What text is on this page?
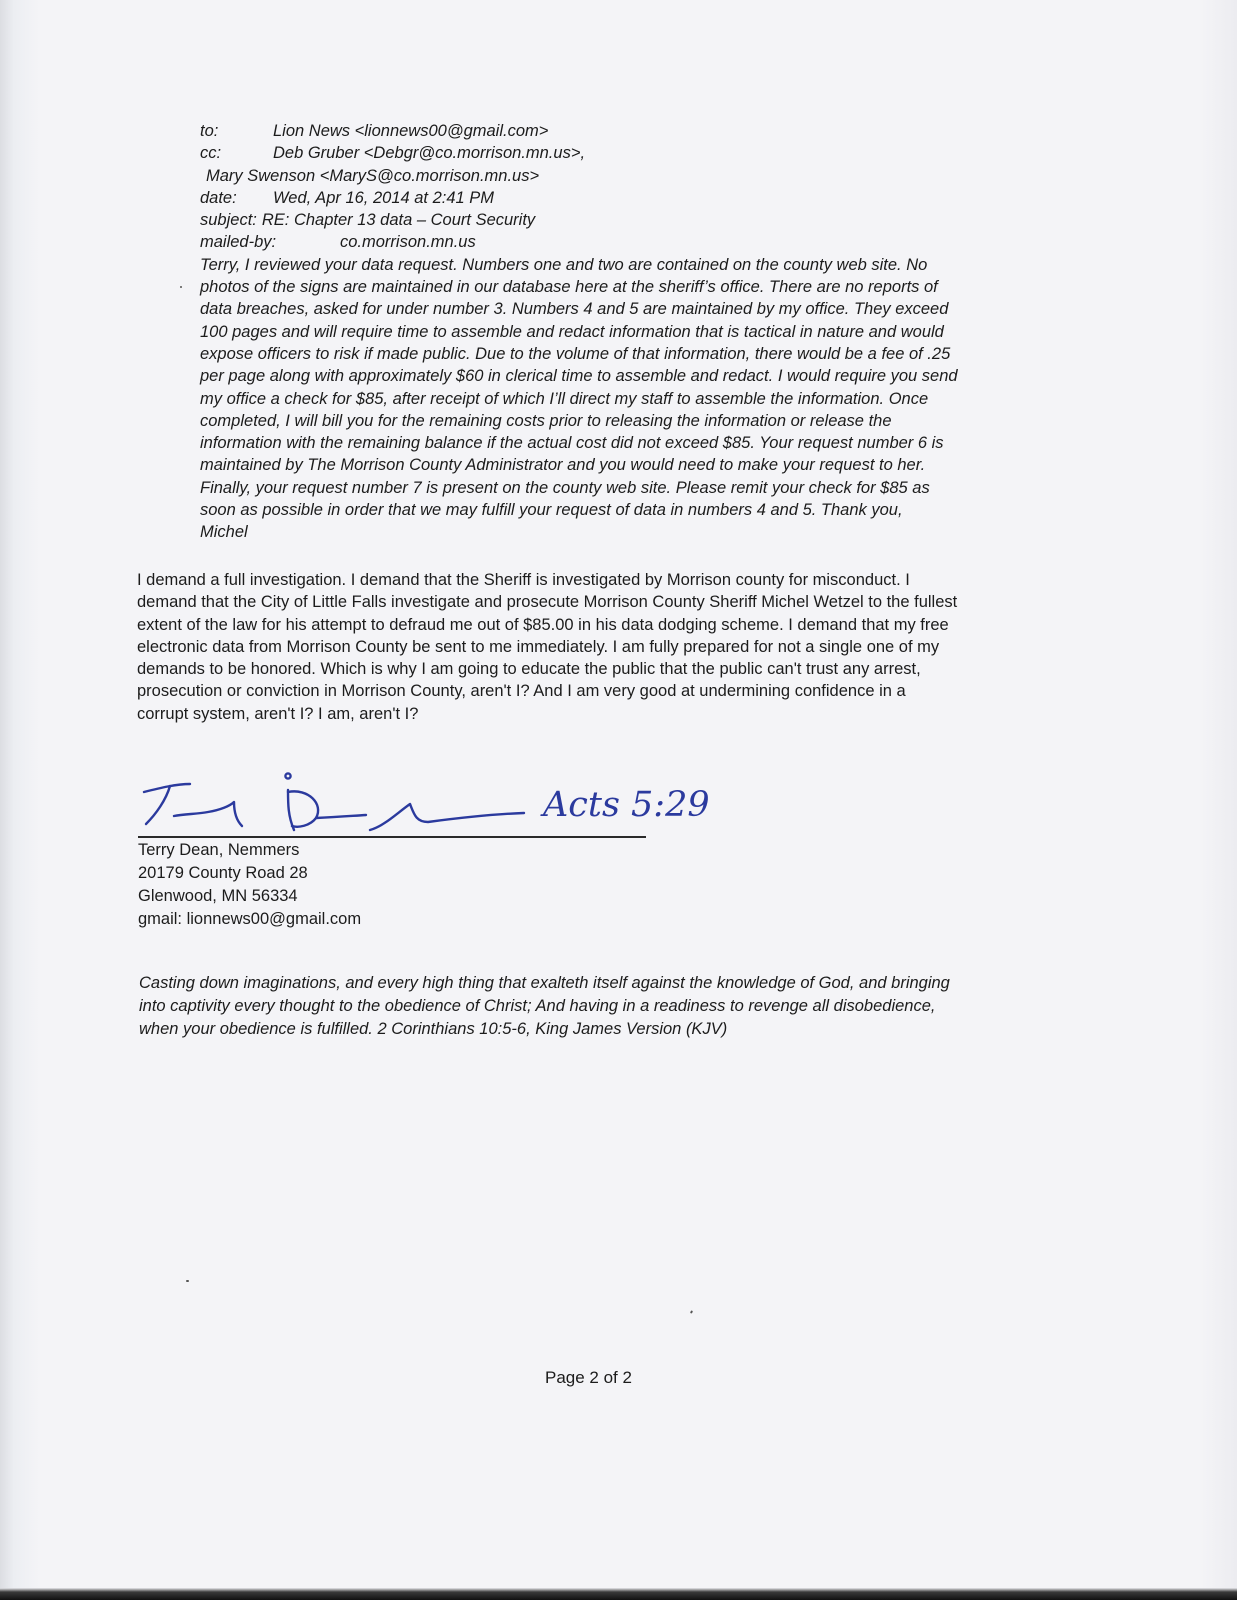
to:	Lion News <lionnews00@gmail.com>
cc:	Deb Gruber <Debgr@co.morrison.mn.us>,
Mary Swenson <MaryS@co.morrison.mn.us>
date: Wed, Apr 16, 2014 at 2:41 PM
subject: RE: Chapter 13 data – Court Security
mailed-by:	co.morrison.mn.us
Terry, I reviewed your data request. Numbers one and two are contained on the county web site. No
photos of the signs are maintained in our database here at the sheriff’s office. There are no reports of
data breaches, asked for under number 3. Numbers 4 and 5 are maintained by my office. They exceed
100 pages and will require time to assemble and redact information that is tactical in nature and would
expose officers to risk if made public. Due to the volume of that information, there would be a fee of .25
per page along with approximately $60 in clerical time to assemble and redact. I would require you send
my office a check for $85, after receipt of which I’ll direct my staff to assemble the information. Once
completed, I will bill you for the remaining costs prior to releasing the information or release the
information with the remaining balance if the actual cost did not exceed $85. Your request number 6 is
maintained by The Morrison County Administrator and you would need to make your request to her.
Finally, your request number 7 is present on the county web site. Please remit your check for $85 as
soon as possible in order that we may fulfill your request of data in numbers 4 and 5. Thank you,
Michel
I demand a full investigation. I demand that the Sheriff is investigated by Morrison county for misconduct. I
demand that the City of Little Falls investigate and prosecute Morrison County Sheriff Michel Wetzel to the fullest
extent of the law for his attempt to defraud me out of $85.00 in his data dodging scheme. I demand that my free
electronic data from Morrison County be sent to me immediately. I am fully prepared for not a single one of my
demands to be honored. Which is why I am going to educate the public that the public can't trust any arrest,
prosecution or conviction in Morrison County, aren't I? And I am very good at undermining confidence in a
corrupt system, aren't I? I am, aren't I?
Acts 5:29
Terry Dean, Nemmers
20179 County Road 28
Glenwood, MN 56334
gmail: lionnews00@gmail.com
Casting down imaginations, and every high thing that exalteth itself against the knowledge of God, and bringing
into captivity every thought to the obedience of Christ; And having in a readiness to revenge all disobedience,
when your obedience is fulfilled. 2 Corinthians 10:5-6, King James Version (KJV)
Page 2 of 2
